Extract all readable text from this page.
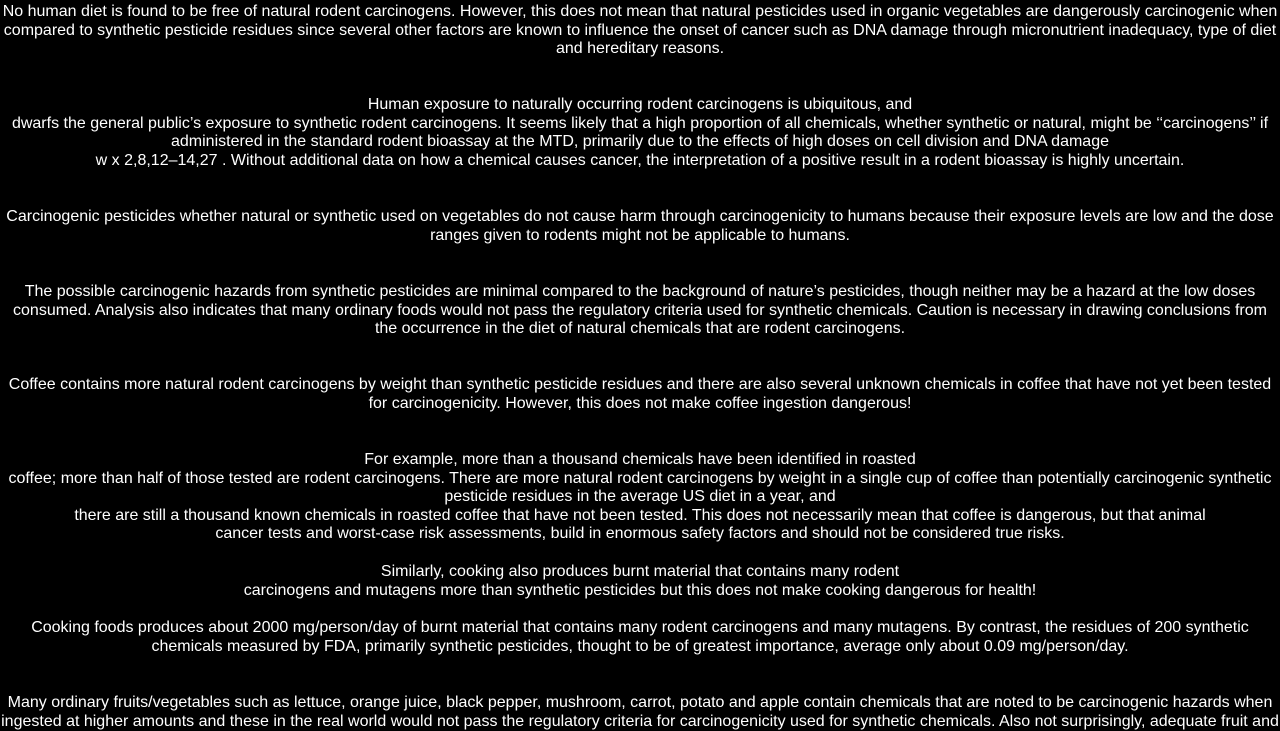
No human diet is found to be free of natural rodent carcinogens. However, this does not mean that natural pesticides used in organic vegetables are dangerously carcinogenic when
compared to synthetic pesticide residues since several other factors are known to influence the onset of cancer such as DNA damage through micronutrient inadequacy, type of diet
and hereditary reasons.

Human exposure to naturally occurring rodent carcinogens is ubiquitous, and
dwarfs the general public’s exposure to synthetic rodent carcinogens. It seems likely that a high proportion of all chemicals, whether synthetic or natural, might be ‘‘carcinogens’’ if
administered in the standard rodent bioassay at the MTD, primarily due to the effects of high doses on cell division and DNA damage
w x 2,8,12–14,27 . Without additional data on how a chemical causes cancer, the interpretation of a positive result in a rodent bioassay is highly uncertain.

Carcinogenic pesticides whether natural or synthetic used on vegetables do not cause harm through carcinogenicity to humans because their exposure levels are low and the dose
ranges given to rodents might not be applicable to humans.

The possible carcinogenic hazards from synthetic pesticides are minimal compared to the background of nature’s pesticides, though neither may be a hazard at the low doses
consumed. Analysis also indicates that many ordinary foods would not pass the regulatory criteria used for synthetic chemicals. Caution is necessary in drawing conclusions from
the occurrence in the diet of natural chemicals that are rodent carcinogens.

Coffee contains more natural rodent carcinogens by weight than synthetic pesticide residues and there are also several unknown chemicals in coffee that have not yet been tested
for carcinogenicity. However, this does not make coffee ingestion dangerous!

For example, more than a thousand chemicals have been identified in roasted
coffee; more than half of those tested are rodent carcinogens. There are more natural rodent carcinogens by weight in a single cup of coffee than potentially carcinogenic synthetic
pesticide residues in the average US diet in a year, and
there are still a thousand known chemicals in roasted coffee that have not been tested. This does not necessarily mean that coffee is dangerous, but that animal
cancer tests and worst-case risk assessments, build in enormous safety factors and should not be considered true risks.

Similarly, cooking also produces burnt material that contains many rodent
carcinogens and mutagens more than synthetic pesticides but this does not make cooking dangerous for health!

Cooking foods produces about 2000 mg/person/day of burnt material that contains many rodent carcinogens and many mutagens. By contrast, the residues of 200 synthetic
chemicals measured by FDA, primarily synthetic pesticides, thought to be of greatest importance, average only about 0.09 mg/person/day.

Many ordinary fruits/vegetables such as lettuce, orange juice, black pepper, mushroom, carrot, potato and apple contain chemicals that are noted to be carcinogenic hazards when
ingested at higher amounts and these in the real world would not pass the regulatory criteria for carcinogenicity used for synthetic chemicals. Also not surprisingly, adequate fruit and
